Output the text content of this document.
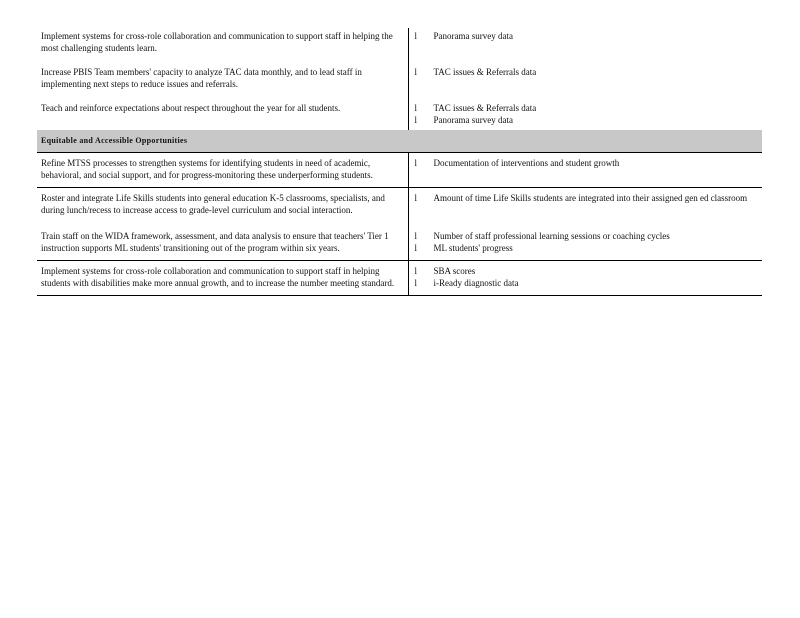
Implement systems for cross-role collaboration and communication to support staff in helping the most challenging students learn.	l Panorama survey data

Increase PBIS Team members' capacity to analyze TAC data monthly, and to lead staff in implementing next steps to reduce issues and referrals.	l TAC issues & Referrals data

Teach and reinforce expectations about respect throughout the year for all students.	l TAC issues & Referrals data
l Panorama survey data

Equitable and Accessible Opportunities	
Refine MTSS processes to strengthen systems for identifying students in need of academic, behavioral, and social support, and for progress-monitoring these underperforming students.	l Documentation of interventions and student growth

Roster and integrate Life Skills students into general education K-5 classrooms, specialists, and during lunch/recess to increase access to grade-level curriculum and social interaction.	l Amount of time Life Skills students are integrated into their assigned gen ed classroom

Train staff on the WIDA framework, assessment, and data analysis to ensure that teachers' Tier 1 instruction supports ML students' transitioning out of the program within six years.	l Number of staff professional learning sessions or coaching cycles
l ML students' progress

Implement systems for cross-role collaboration and communication to support staff in helping students with disabilities make more annual growth, and to increase the number meeting standard.	l SBA scores
l i-Ready diagnostic data
